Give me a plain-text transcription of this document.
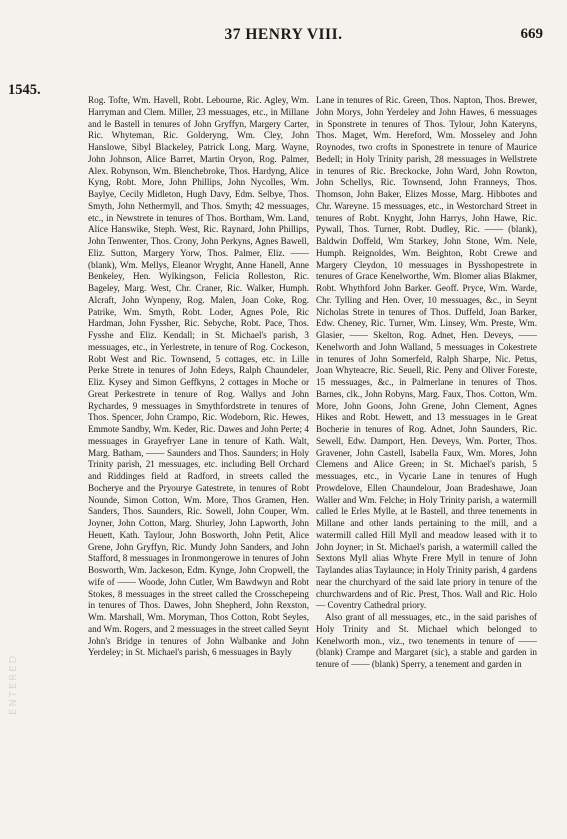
37 HENRY VIII.	669
1545.
ENTERED

Rog. Tofte, Wm. Havell, Robt. Lebourne, Ric. Agley, Wm. Harryman and Clem. Miller, 23 messuages, etc., in Millane and le Bastell in tenures of John Gryffyn, Margery Carter, Ric. Whyteman, Ric. Golderyng, Wm. Cley, John Hanslowe, Sibyl Blackeley, Patrick Long, Marg. Wayne, John Johnson, Alice Barret, Martin Oryon, Rog. Palmer, Alex. Robynson, Wm. Blenchebroke, Thos. Hardyng, Alice Kyng, Robt. More, John Phillips, John Nycolles, Wm. Baylye, Cecily Midleton, Hugh Davy, Edm. Selbye, Thos. Smyth, John Nethermyll, and Thos. Smyth; 42 messuages, etc., in Newstrete in tenures of Thos. Bortham, Wm. Land, Alice Hanswike, Steph. West, Ric. Raynard, John Phillips, John Tenwenter, Thos. Crony, John Perkyns, Agnes Bawell, Eliz. Sutton, Margery Yorw, Thos. Palmer, Eliz. —— (blank), Wm. Mellys, Eleanor Wryght, Anne Hanell, Anne Benkeley, Hen. Wylkingson, Felicia Rolleston, Ric. Bageley, Marg. West, Chr. Craner, Ric. Walker, Humph. Alcraft, John Wynpeny, Rog. Malen, Joan Coke, Rog. Patrike, Wm. Smyth, Robt. Loder, Agnes Pole, Ric Hardman, John Fyssher, Ric. Sebyche, Robt. Pace, Thos. Fysshe and Eliz. Kendall; in St. Michael's parish, 3 messuages, etc., in Yerlestrete, in tenure of Rog. Cockeson, Robt West and Ric. Townsend, 5 cottages, etc. in Lille Perke Strete in tenures of John Edeys, Ralph Chaundeler, Eliz. Kysey and Simon Geffkyns, 2 cottages in Moche or Great Perkestrete in tenure of Rog. Wallys and John Rychardes, 9 messuages in Smythfordstrete in tenures of Thos. Spencer, John Crampo, Ric. Wodeborn, Ric. Hewes, Emmote Sandby, Wm. Keder, Ric. Dawes and John Perte; 4 messuages in Grayefryer Lane in tenure of Kath. Walt, Marg. Batham, —— Saunders and Thos. Saunders; in Holy Trinity parish, 21 messuages, etc. including Bell Orchard and Riddinges field at Radford, in streets called the Bocherye and the Pryourye Gatestrete, in tenures of Robt Nounde, Simon Cotton, Wm. More, Thos Gramen, Hen. Sanders, Thos. Saunders, Ric. Sowell, John Couper, Wm. Joyner, John Cotton, Marg. Shurley, John Lapworth, John Heuett, Kath. Taylour, John Bosworth, John Petit, Alice Grene, John Gryffyn, Ric. Mundy John Sanders, and John Stafford, 8 messuages in Ironmongerowe in tenures of John Bosworth, Wm. Jackeson, Edm. Kynge, John Cropwell, the wife of —— Woode, John Cutler, Wm Bawdwyn and Robt Stokes, 8 messuages in the street called the Crosschepeing in tenures of Thos. Dawes, John Shepherd, John Rexston, Wm. Marshall, Wm. Moryman, Thos Cotton, Robt Seyles, and Wm. Rogers, and 2 messuages in the street called Seynt John's Bridge in tenures of John Walbanke and John Yerdeley; in St. Michael's parish, 6 messuages in Bayly

Lane in tenures of Ric. Green, Thos. Napton, Thos. Brewer, John Morys, John Yerdeley and John Hawes, 6 messuages in Sponstrete in tenures of Thos. Tylour, John Kateryns, Thos. Maget, Wm. Hereford, Wm. Mosseley and John Roynodes, two crofts in Sponestrete in tenure of Maurice Bedell; in Holy Trinity parish, 28 messuages in Wellstrete in tenures of Ric. Breckocke, John Ward, John Rowton, John Schellys, Ric. Townsend, John Franneys, Thos. Thomson, John Baker, Elizes Mosse, Marg. Hibbotes and Chr. Wareyne. 15 messuages, etc., in Westorchard Street in tenures of Robt. Knyght, John Harrys, John Hawe, Ric. Pywall, Thos. Turner, Robt. Dudley, Ric. —— (blank), Baldwin Doffeld, Wm Starkey, John Stone, Wm. Nele, Humph. Reignoldes, Wm. Beighton, Robt Crewe and Margery Cleydon, 10 messuages in Bysshopestrete in tenures of Grace Kenelworthe, Wm. Blomer alias Blakmer, Robt. Whythford John Barker. Geoff. Pryce, Wm. Warde, Chr. Tylling and Hen. Over, 10 messuages, &c., in Seynt Nicholas Strete in tenures of Thos. Duffeld, Joan Barker, Edw. Cheney, Ric. Turner, Wm. Linsey, Wm. Preste, Wm. Glasier, —— Skelton, Rog. Adnet, Hen. Deveys, —— Kenelworth and John Walland, 5 messuages in Cokestrete in tenures of John Somerfeld, Ralph Sharpe, Nic. Petus, Joan Whyteacre, Ric. Seuell, Ric. Peny and Oliver Foreste, 15 messuages, &c., in Palmerlane in tenures of Thos. Barnes, clk., John Robyns, Marg. Faux, Thos. Cotton, Wm. More, John Goons, John Grene, John Clement, Agnes Hikes and Robt. Hewett, and 13 messuages in le Great Bocherie in tenures of Rog. Adnet, John Saunders, Ric. Sewell, Edw. Damport, Hen. Deveys, Wm. Porter, Thos. Gravener, John Castell, Isabella Faux, Wm. Mores, John Clemens and Alice Green; in St. Michael's parish, 5 messuages, etc., in Vycarie Lane in tenures of Hugh Prowdelove, Ellen Chaundelour, Joan Bradeshawe, Joan Waller and Wm. Felche; in Holy Trinity parish, a watermill called le Erles Mylle, at le Bastell, and three tenements in Millane and other lands pertaining to the mill, and a watermill called Hill Myll and meadow leased with it to John Joyner; in St. Michael's parish, a watermill called the Sextons Myll alias Whyte Frere Myll in tenure of John Taylandes alias Taylaunce; in Holy Trinity parish, 4 gardens near the churchyard of the said late priory in tenure of the churchwardens and of Ric. Prest, Thos. Wall and Ric. Holo — Coventry Cathedral priory.

Also grant of all messuages, etc., in the said parishes of Holy Trinity and St. Michael which belonged to Kenelworth mon., viz., two tenements in tenure of —— (blank) Crampe and Margaret (sic), a stable and garden in tenure of —— (blank) Sperry, a tenement and garden in
